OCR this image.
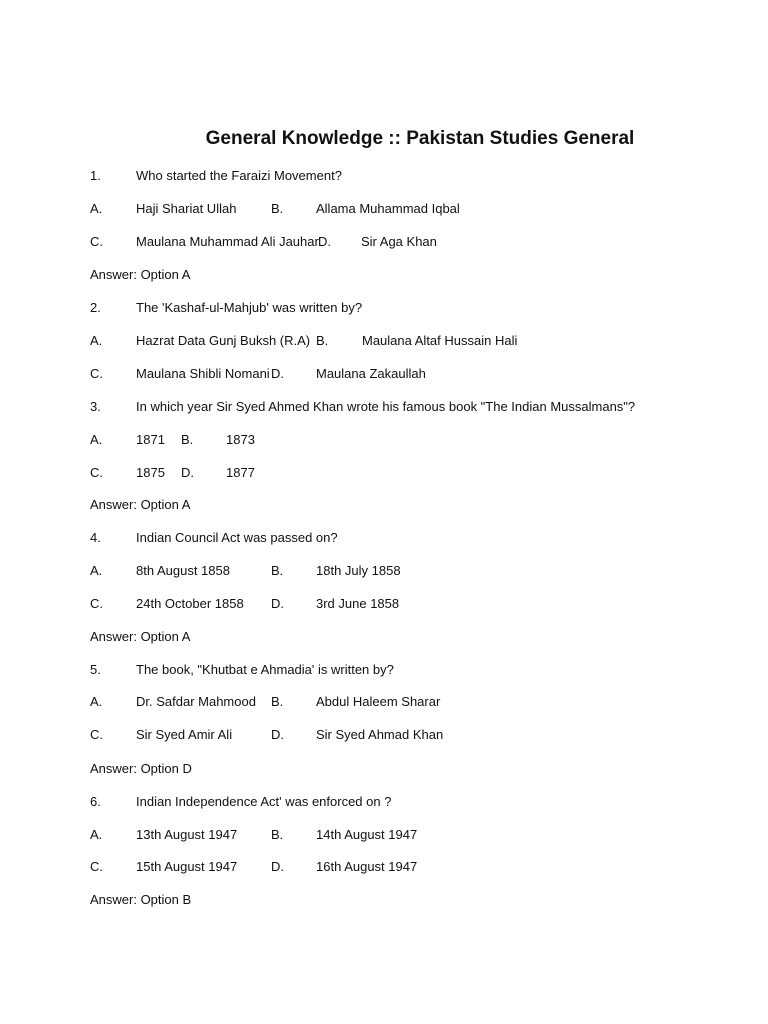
General Knowledge :: Pakistan Studies General
1.	Who started the Faraizi Movement?
A.	Haji Shariat Ullah	B.	Allama Muhammad Iqbal
C.	Maulana Muhammad Ali Jauhar D. Sir Aga Khan
Answer: Option A
2.	The 'Kashaf-ul-Mahjub' was written by?
A.	Hazrat Data Gunj Buksh (R.A) B.	Maulana Altaf Hussain Hali
C.	Maulana Shibli Nomani D. Maulana Zakaullah
3.	In which year Sir Syed Ahmed Khan wrote his famous book "The Indian Mussalmans"?
A.	1871 B.	1873
C.	1875 D. 1877
Answer: Option A
4.	Indian Council Act was passed on?
A.	8th August 1858	B.	18th July 1858
C.	24th October 1858 D. 3rd June 1858
Answer: Option A
5.	The book, "Khutbat e Ahmadia' is written by?
A.	Dr. Safdar Mahmood B.	Abdul Haleem Sharar
C.	Sir Syed Amir Ali	D. Sir Syed Ahmad Khan
Answer: Option D
6.	Indian Independence Act' was enforced on ?
A.	13th August 1947	B.	14th August 1947
C.	15th August 1947	D. 16th August 1947
Answer: Option B
